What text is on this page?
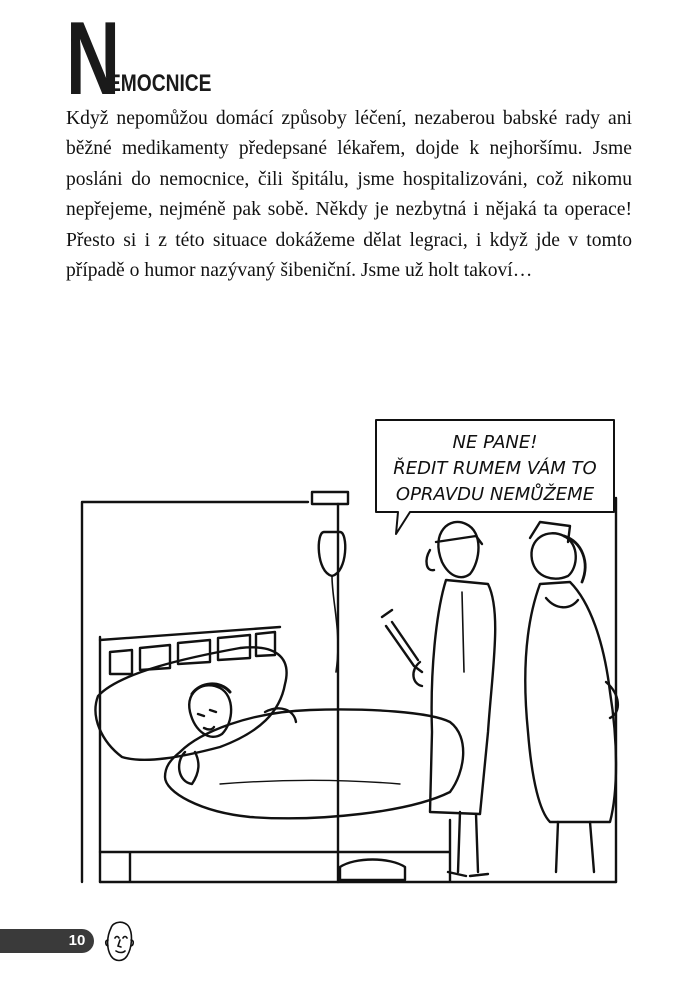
N
EMOCNICE

Když nepomůžou domácí způsoby léčení, nezaberou babské rady ani běžné medikamenty předepsané lékařem, dojde k nejhoršímu. Jsme posláni do nemocnice, čili špitálu, jsme hospitalizováni, což nikomu nepřejeme, nejméně pak sobě. Někdy je nezbytná i nějaká ta operace! Přesto si i z této situace dokážeme dělat legraci, i když jde v tomto případě o humor nazývaný šibeniční. Jsme už holt takoví…

NE PANE!
ŘEDIT RUMEM VÁM TO
OPRAVDU NEMŮŽEME
10
